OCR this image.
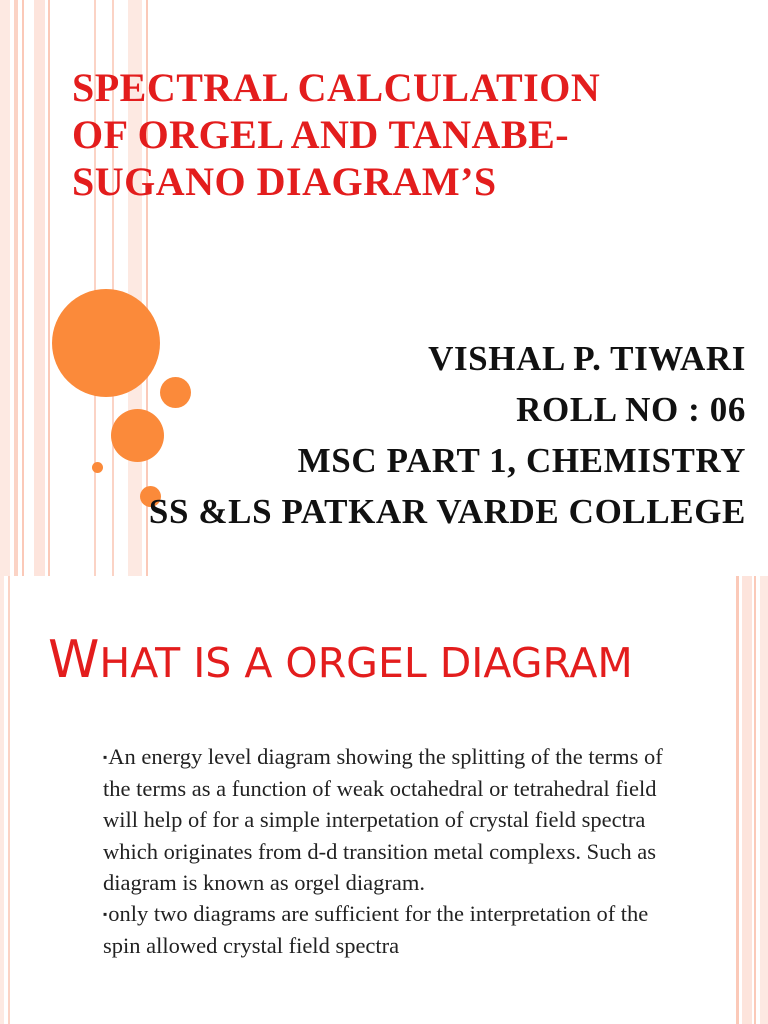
SPECTRAL CALCULATION
OF ORGEL AND TANABE-
SUGANO DIAGRAM’S
VISHAL P. TIWARI
ROLL NO : 06
MSC PART 1, CHEMISTRY
SS &LS PATKAR VARDE COLLEGE
WHAT IS A ORGEL DIAGRAM

▪An energy level diagram showing the splitting of the terms of the terms as a function of weak octahedral or tetrahedral field will help of for a simple interpetation of crystal field spectra which originates from d-d transition metal complexs. Such as diagram is known as orgel diagram.

▪only two diagrams are sufficient for the interpretation of the spin allowed crystal field spectra
